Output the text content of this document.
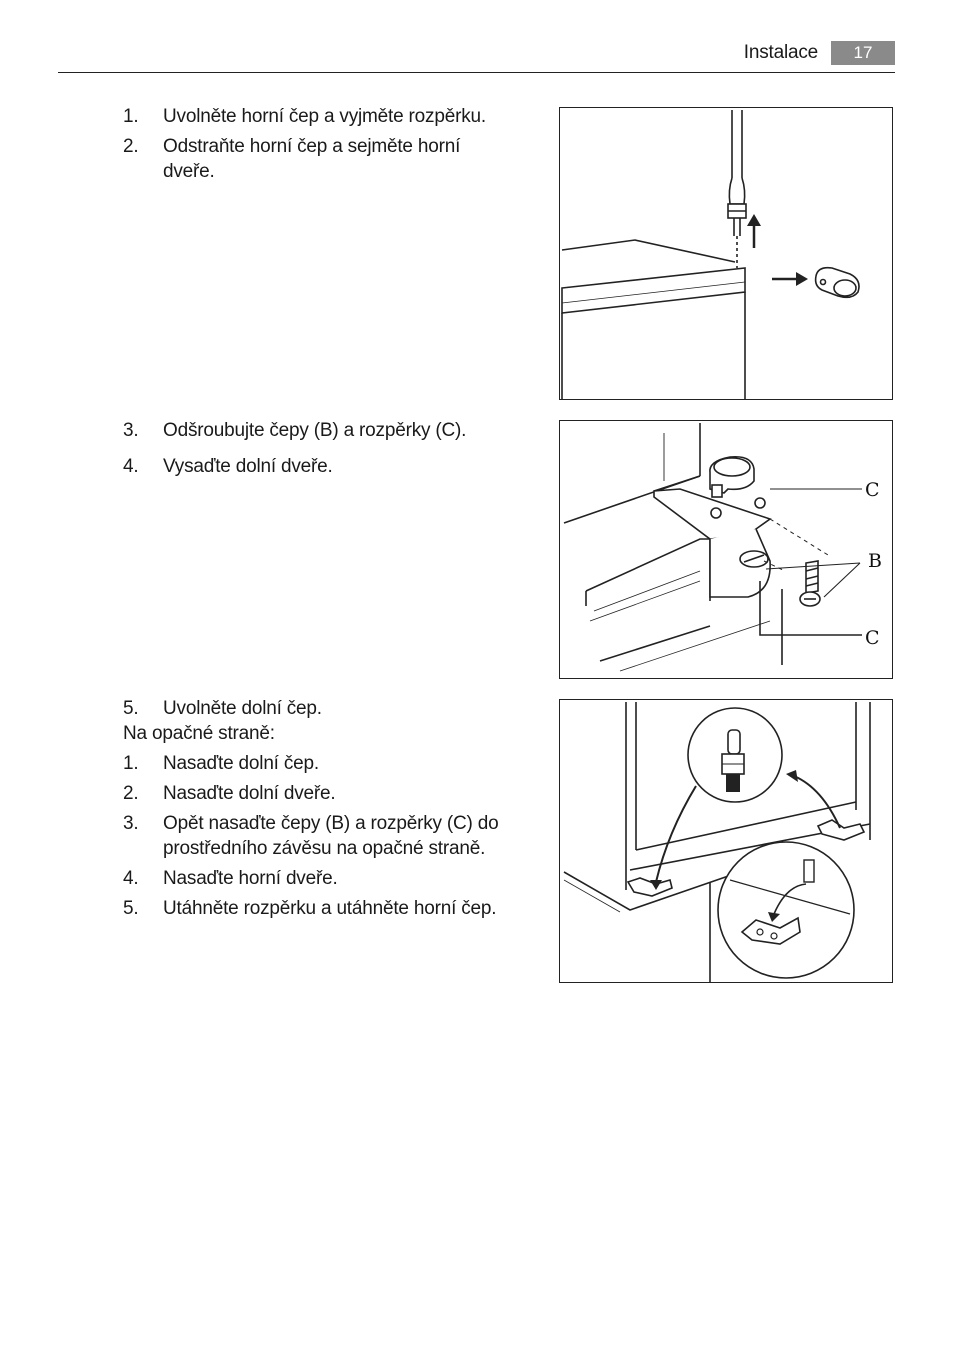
Instalace	17
1. Uvolněte horní čep a vyjměte rozpěrku.
2. Odstraňte horní čep a sejměte horní dveře.
3. Odšroubujte čepy (B) a rozpěrky (C).
4. Vysaďte dolní dveře.
5. Uvolněte dolní čep.
Na opačné straně:
1. Nasaďte dolní čep.
2. Nasaďte dolní dveře.
3. Opět nasaďte čepy (B) a rozpěrky (C) do prostředního závěsu na opačné straně.
4. Nasaďte horní dveře.
5. Utáhněte rozpěrku a utáhněte horní čep.
C
B
C
